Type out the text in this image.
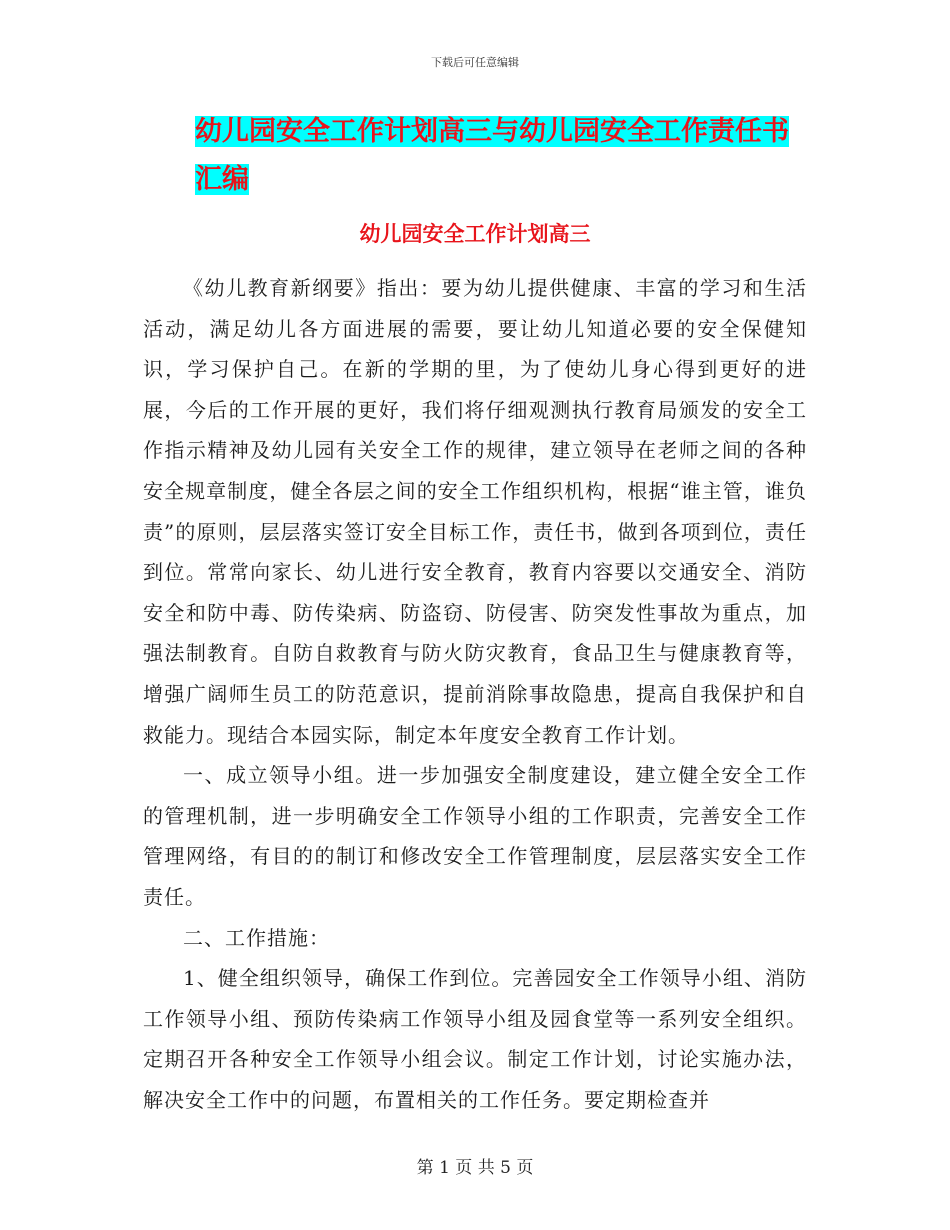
下载后可任意编辑
幼儿园安全工作计划高三与幼儿园安全工作责任书汇编
幼儿园安全工作计划高三

《幼儿教育新纲要》指出：要为幼儿提供健康、丰富的学习和生活活动，满足幼儿各方面进展的需要，要让幼儿知道必要的安全保健知识，学习保护自己。在新的学期的里，为了使幼儿身心得到更好的进展，今后的工作开展的更好，我们将仔细观测执行教育局颁发的安全工作指示精神及幼儿园有关安全工作的规律，建立领导在老师之间的各种安全规章制度，健全各层之间的安全工作组织机构，根据“谁主管，谁负责”的原则，层层落实签订安全目标工作，责任书，做到各项到位，责任到位。常常向家长、幼儿进行安全教育，教育内容要以交通安全、消防安全和防中毒、防传染病、防盗窃、防侵害、防突发性事故为重点，加强法制教育。自防自救教育与防火防灾教育，食品卫生与健康教育等，增强广阔师生员工的防范意识，提前消除事故隐患，提高自我保护和自救能力。现结合本园实际，制定本年度安全教育工作计划。

一、成立领导小组。进一步加强安全制度建设，建立健全安全工作的管理机制，进一步明确安全工作领导小组的工作职责，完善安全工作管理网络，有目的的制订和修改安全工作管理制度，层层落实安全工作责任。

二、工作措施：

1、健全组织领导，确保工作到位。完善园安全工作领导小组、消防工作领导小组、预防传染病工作领导小组及园食堂等一系列安全组织。定期召开各种安全工作领导小组会议。制定工作计划，讨论实施办法，解决安全工作中的问题，布置相关的工作任务。要定期检查并

第 1 页 共 5 页
